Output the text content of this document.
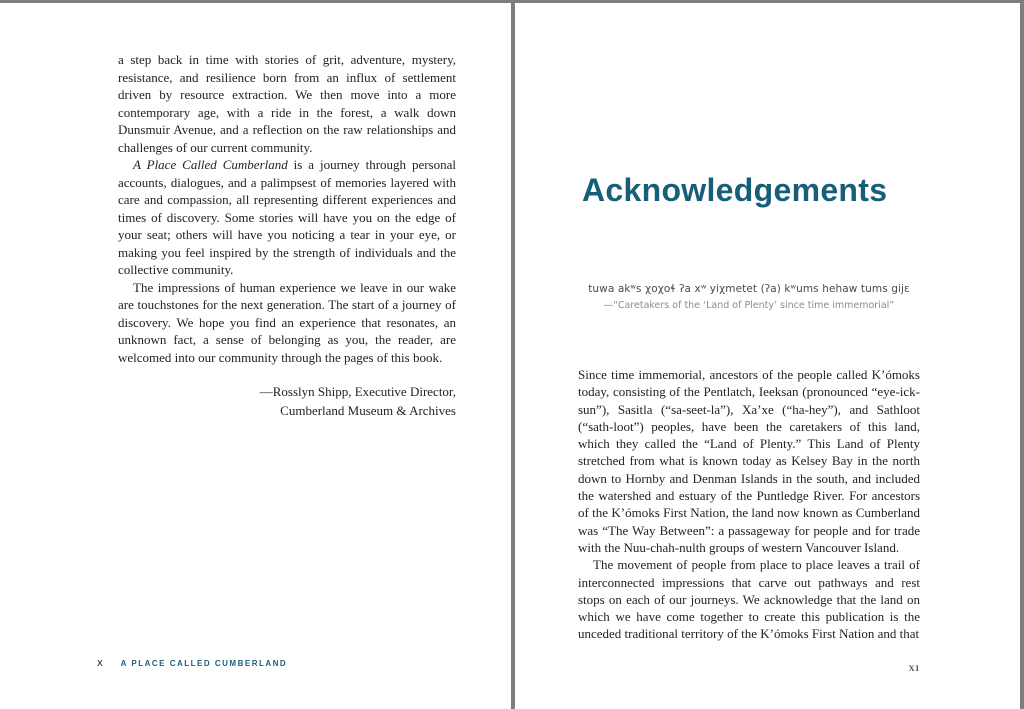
a step back in time with stories of grit, adventure, mystery, resistance, and resilience born from an influx of settlement driven by resource extraction. We then move into a more contemporary age, with a ride in the forest, a walk down Dunsmuir Avenue, and a reflection on the raw relationships and challenges of our current community.

A Place Called Cumberland is a journey through personal accounts, dialogues, and a palimpsest of memories layered with care and compassion, all representing different experiences and times of discovery. Some stories will have you on the edge of your seat; others will have you noticing a tear in your eye, or making you feel inspired by the strength of individuals and the collective community.

The impressions of human experience we leave in our wake are touchstones for the next generation. The start of a journey of discovery. We hope you find an experience that resonates, an unknown fact, a sense of belonging as you, the reader, are welcomed into our community through the pages of this book.

—Rosslyn Shipp, Executive Director,
Cumberland Museum & Archives
X A PLACE CALLED CUMBERLAND
Acknowledgements
tuwa akʷs χoχoɬ ʔa xʷ yiχmetet (ʔa) kʷums hehaw tums gijɛ
—“Caretakers of the ‘Land of Plenty’ since time immemorial”

Since time immemorial, ancestors of the people called K’ómoks today, consisting of the Pentlatch, Ieeksan (pronounced “eye-ick-sun”), Sasitla (“sa-seet-la”), Xa’xe (“ha-hey”), and Sathloot (“sath-loot”) peoples, have been the caretakers of this land, which they called the “Land of Plenty.” This Land of Plenty stretched from what is known today as Kelsey Bay in the north down to Hornby and Denman Islands in the south, and included the watershed and estuary of the Puntledge River. For ancestors of the K’ómoks First Nation, the land now known as Cumberland was “The Way Between”: a passageway for people and for trade with the Nuu-chah-nulth groups of western Vancouver Island.

The movement of people from place to place leaves a trail of interconnected impressions that carve out pathways and rest stops on each of our journeys. We acknowledge that the land on which we have come together to create this publication is the unceded traditional territory of the K’ómoks First Nation and that

XI
